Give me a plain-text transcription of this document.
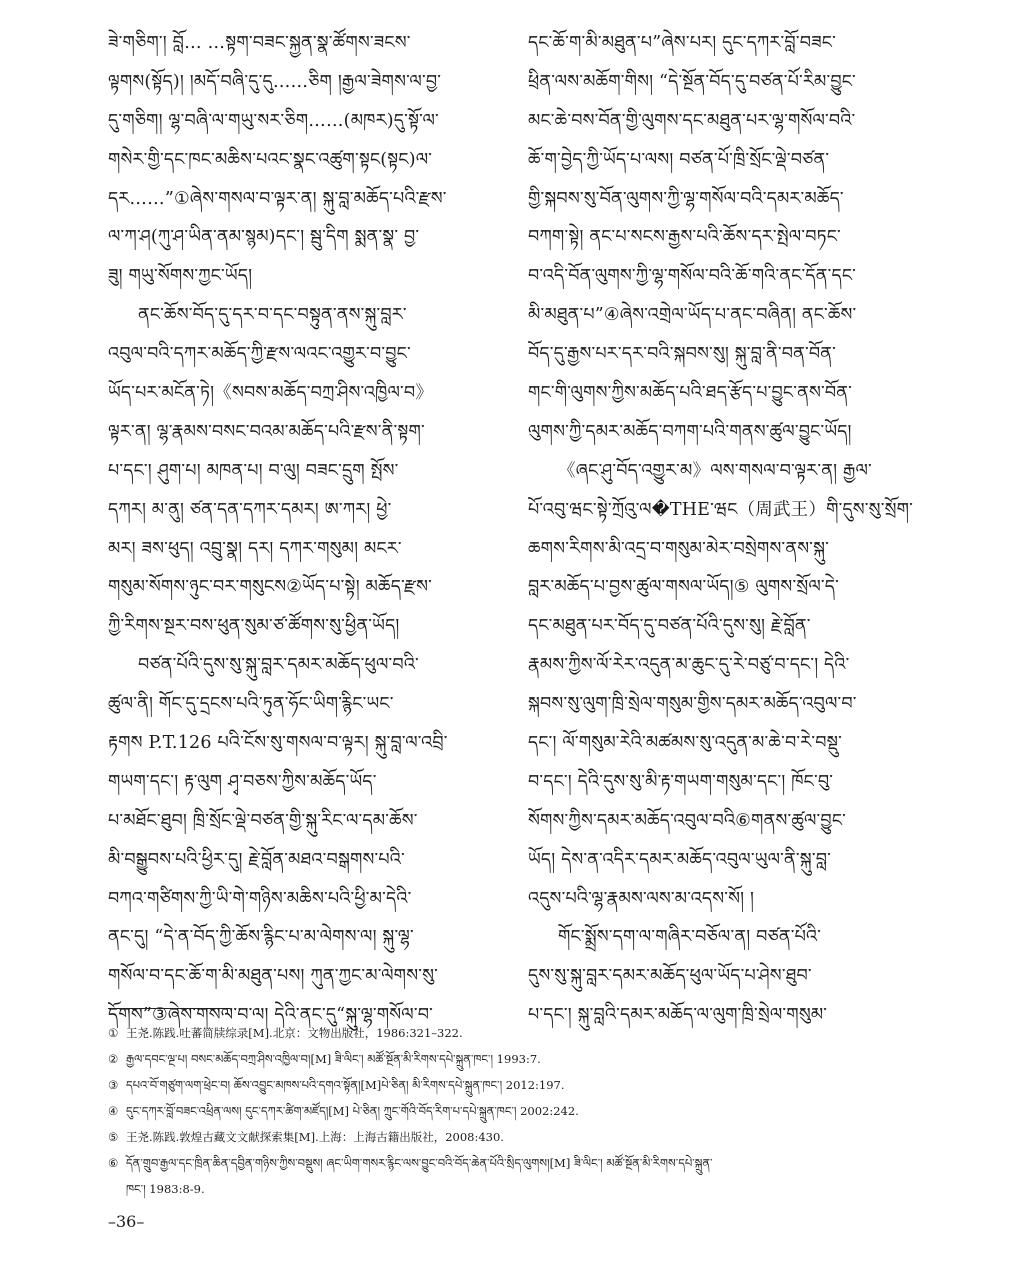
ཟེ་གཅིག་། བློ… …སྟག་བཟང་སྐྱན་སྣ་ཚོགས་ཟངས་
ལྟགས(སྟོད)། །མདོ་བཞི་དུ་དུ……ཅིག །རྒྱལ་ཟེགས་ལ་བྱ་
དུ་གཅིག། ལྷ་བཞི་ལ་གཡུ་སར་ཅིག……(མཁར)དུ་སྟོ་ལ་
གསེར་གྱི་དང་ཁང་མཆིས་པའང་སྣང་འཚུག་སྟང(སྟང)ལ་
དར……”①ཞེས་གསལ་བ་ལྟར་ན། སྐུ་བླ་མཆོད་པའི་རྫས་
ལ་ཀ་ཤ(ཀུ་ཤ་ཡིན་ནམ་སྙམ)དང་། སྦུ་དིག སྨན་སྣ་ བྱ་
ཟུ། གཡུ་སོགས་ཀྱང་ཡོད།
ནང་ཆོས་བོད་དུ་དར་བ་དང་བསྟུན་ནས་སྐུ་བླར་
འབུལ་བའི་དཀར་མཆོད་ཀྱི་རྫས་ལའང་འགྱུར་བ་བྱུང་
ཡོད་པར་མངོན་ཏེ།《སབས་མཆོད་བཀྲ་ཤིས་འཁྱིལ་བ》
ལྟར་ན། ལྷ་རྣམས་བསང་བའམ་མཆོད་པའི་རྫས་ནི་སྟག་
པ་དང་། ཤུག་པ། མཁན་པ། བ་ལུ། བཟང་དྲུག སྤོས་
དཀར། མ་ནུ། ཙན་དན་དཀར་དམར། ཨ་ཀར། ཕྱེ་
མར། ཟས་ཕུད། འབྲུ་སྣ། དར། དཀར་གསུམ། མངར་
གསུམ་སོགས་ཉུང་བར་གསུངས②ཡོད་པ་སྟེ། མཆོད་རྫས་
ཀྱི་རིགས་སྔར་བས་ཕུན་སུམ་ཙ་ཚོགས་སུ་ཕྱིན་ཡོད།
བཙན་པོའི་དུས་སུ་སྐུ་བླར་དམར་མཆོད་ཕུལ་བའི་
ཚུལ་ནི། གོང་དུ་དྲངས་པའི་ཏུན་ཧོང་ཡིག་རྙིང་ཡང་
རྟགས P.T.126 པའི་ངོས་སུ་གསལ་བ་ལྟར། སྐུ་བླ་ལ་འབྲི་
གཡག་དང་། རྟ་ལུག ཤྭ་བཅས་ཀྱིས་མཆོད་ཡོད་
པ་མཐོང་ཐུབ། ཁྲི་སྲོང་ལྡེ་བཙན་གྱི་སྐུ་རིང་ལ་དམ་ཆོས་
མི་བསྒྱུབས་པའི་ཕྱིར་དུ། རྗེ་བློན་མཐའ་བསྒགས་པའི་
བཀའ་གཙིགས་ཀྱི་ཡི་གེ་གཉིས་མཆིས་པའི་ཕྱི་མ་དེའི་
ནང་དུ། “དེ་ན་བོད་ཀྱི་ཆོས་རྙིང་པ་མ་ལེགས་ལ། སྐུ་ལྷ་
གསོལ་བ་དང་ཆོ་ག་མི་མཐུན་པས། ཀུན་ཀྱང་མ་ལེགས་སུ་
དོགས”③ཞེས་གསལ་བ་ལ། དེའི་ནང་དུ“སྐུ་ལྷ་གསོལ་བ་
དང་ཆོ་ག་མི་མཐུན་པ”ཞེས་པར། དུང་དཀར་བློ་བཟང་
ཕྲིན་ལས་མཆོག་གིས། “དེ་སྔོན་བོད་དུ་བཙན་པོ་རིམ་བྱུང་
མང་ཆེ་བས་བོན་གྱི་ལུགས་དང་མཐུན་པར་ལྷ་གསོལ་བའི་
ཆོ་ག་བྱེད་ཀྱི་ཡོད་པ་ལས། བཙན་པོ་ཁྲི་སྲོང་ལྡེ་བཙན་
གྱི་སྐབས་སུ་བོན་ལུགས་ཀྱི་ལྷ་གསོལ་བའི་དམར་མཆོད་
བཀག་སྟེ། ནང་པ་སངས་རྒྱས་པའི་ཆོས་དར་སྤེལ་བཏང་
བ་འདི་བོན་ལུགས་ཀྱི་ལྷ་གསོལ་བའི་ཆོ་གའི་ནང་དོན་དང་
མི་མཐུན་པ”④ཞེས་འགྲེལ་ཡོད་པ་ནང་བཞིན། ནང་ཆོས་
བོད་དུ་རྒྱས་པར་དར་བའི་སྐབས་སུ། སྐུ་བླ་ནི་བན་བོན་
གང་གི་ལུགས་ཀྱིས་མཆོད་པའི་ཐད་རྩོད་པ་བྱུང་ནས་བོན་
ལུགས་ཀྱི་དམར་མཆོད་བཀག་པའི་གནས་ཚུལ་བྱུང་ཡོད།
《ཞང་ཤུ་བོད་འགྱུར་མ》ལས་གསལ་བ་ལྟར་ན། རྒྱལ་
པོ་འབུ་ཝང་སྟེ་ཀྲོའུ་ལ�THE་ཝང（周武王）གི་དུས་སུ་སྲོག་
ཆགས་རིགས་མི་འདྲ་བ་གསུམ་མེར་བསྲེགས་ནས་སྐུ་
བླར་མཆོད་པ་བྱས་ཚུལ་གསལ་ཡོད།⑤ ལུགས་སྲོལ་དེ་
དང་མཐུན་པར་བོད་དུ་བཙན་པོའི་དུས་སུ། རྗེ་བློན་
རྣམས་ཀྱིས་ལོ་རེར་འདུན་མ་ཆུང་དུ་རེ་བཙུ་བ་དང་། དེའི་
སྐབས་སུ་ལུག་ཁྲི་སྲེལ་གསུམ་གྱིས་དམར་མཆོད་འབུལ་བ་
དང་། ལོ་གསུམ་རེའི་མཚམས་སུ་འདུན་མ་ཆེ་བ་རེ་བསྡུ་
བ་དང་། དེའི་དུས་སུ་མི་རྟ་གཡག་གསུམ་དང་། ཁོང་བུ་
སོགས་ཀྱིས་དམར་མཆོད་འབུལ་བའི⑥གནས་ཚུལ་བྱུང་
ཡོད། དེས་ན་འདིར་དམར་མཆོད་འབུལ་ཡུལ་ནི་སྐུ་བླ་
འདུས་པའི་ལྷ་རྣམས་ལས་མ་འདས་སོ། །
གོང་སྨྲོས་དག་ལ་གཞིར་བཅོལ་ན། བཙན་པོའི་
དུས་སུ་སྐུ་བླར་དམར་མཆོད་ཕུལ་ཡོད་པ་ཤེས་ཐུབ་
པ་དང་། སྐུ་བླའི་དམར་མཆོད་ལ་ལུག་ཁྲི་སྲེལ་གསུམ་
① 王尧.陈践.吐蕃简牍综录[M].北京：文物出版社，1986:321–322.
② རྒྱལ་དབང་ལྔ་པ། བསང་མཆོད་བཀྲ་ཤིས་འཁྱིལ་བ།[M] ཟི་ལིང་། མཚོ་སྔོན་མི་རིགས་དཔེ་སྐྲུན་ཁང་། 1993:7.
③ དཔའ་བོ་གཙུག་ལག་ཕྲེང་བ། ཆོས་འབྱུང་མཁས་པའི་དགའ་སྟོན།[M]པེ་ཅིན། མི་རིགས་དཔེ་སྐྲུན་ཁང་། 2012:197.
④ དུང་དཀར་བློ་བཟང་འཕྲིན་ལས། དུང་དཀར་ཚིག་མཛོད།[M] པེ་ཅིན། ཀྲུང་གོའི་བོད་རིག་པ་དཔེ་སྐྲུན་ཁང་། 2002:242.
⑤ 王尧.陈践.敦煌古藏文文献探索集[M].上海：上海古籍出版社，2008:430.
⑥ དོན་གྲུབ་རྒྱལ་དང་ཁྲིན་ཆིན་དབྱིན་གཉིས་ཀྱིས་བསྡུས། ཞང་ཡིག་གསར་རྙིང་ལས་བྱུང་བའི་བོད་ཆེན་པོའི་སྲིད་ལུགས།[M] ཟི་ལིང་། མཚོ་སྔོན་མི་རིགས་དཔེ་སྐྲུན་
ཁང་། 1983:8-9.
–36–
